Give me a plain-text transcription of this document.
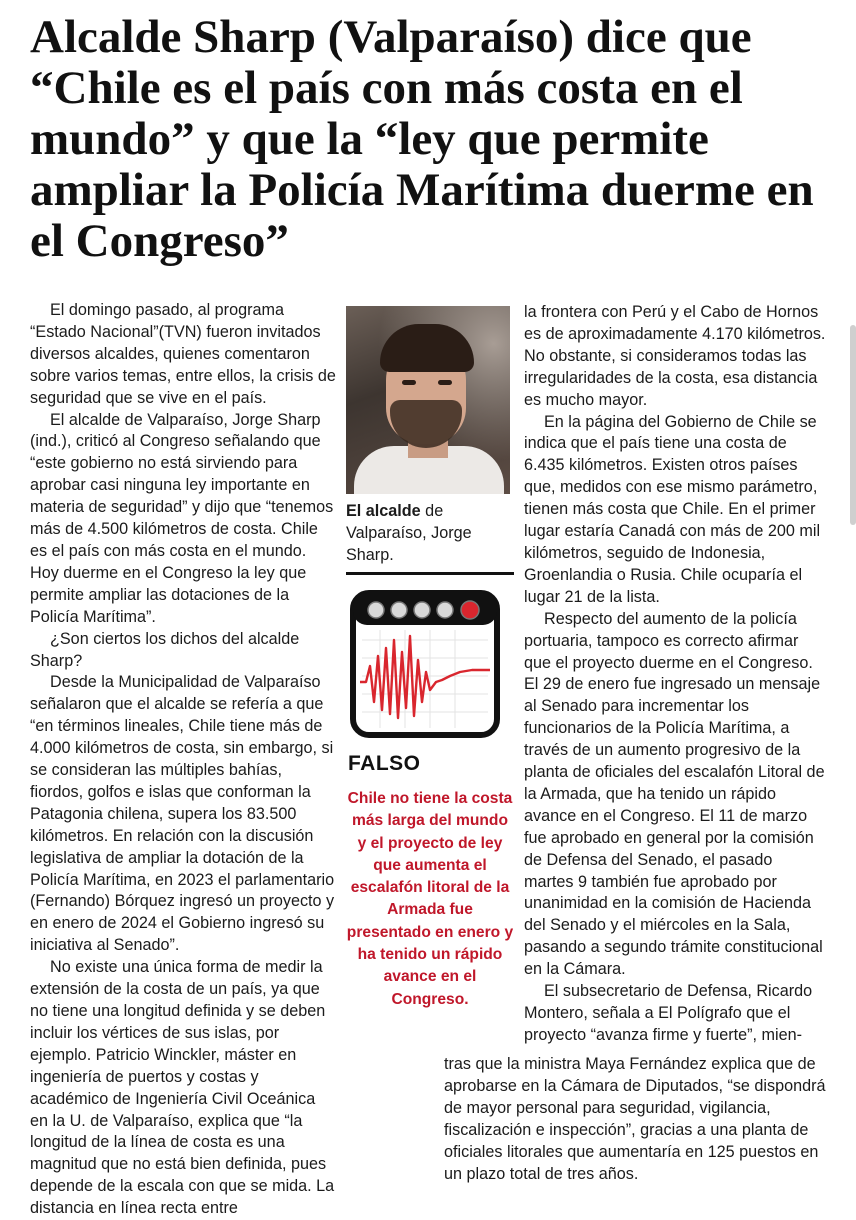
Alcalde Sharp (Valparaíso) dice que “Chile es el país con más costa en el mundo” y que la “ley que permite ampliar la Policía Marítima duerme en el Congreso”

El domingo pasado, al programa “Estado Nacional”(TVN) fueron invitados diversos alcaldes, quienes comentaron sobre varios temas, entre ellos, la crisis de seguridad que se vive en el país.

El alcalde de Valparaíso, Jorge Sharp (ind.), criticó al Congreso señalando que “este gobierno no está sirviendo para aprobar casi ninguna ley importante en materia de seguridad” y dijo que “tenemos más de 4.500 kilómetros de costa. Chile es el país con más costa en el mundo. Hoy duerme en el Congreso la ley que permite ampliar las dotaciones de la Policía Marítima”.

¿Son ciertos los dichos del alcalde Sharp?

Desde la Municipalidad de Valparaíso señalaron que el alcalde se refería a que “en términos lineales, Chile tiene más de 4.000 kilómetros de costa, sin embargo, si se consideran las múltiples bahías, fiordos, golfos e islas que conforman la Patagonia chilena, supera los 83.500 kilómetros. En relación con la discusión legislativa de ampliar la dotación de la Policía Marítima, en 2023 el parlamentario (Fernando) Bórquez ingresó un proyecto y en enero de 2024 el Gobierno ingresó su iniciativa al Senado”.

No existe una única forma de medir la extensión de la costa de un país, ya que no tiene una longitud definida y se deben incluir los vértices de sus islas, por ejemplo. Patricio Winckler, máster en ingeniería de puertos y costas y académico de Ingeniería Civil Oceánica en la U. de Valparaíso, explica que “la longitud de la línea de costa es una magnitud que no está bien definida, pues depende de la escala con que se mida. La distancia en línea recta entre

El alcalde de Valparaíso, Jorge Sharp.

FALSO

Chile no tiene la costa más larga del mundo y el proyecto de ley que aumenta el escalafón litoral de la Armada fue presentado en enero y ha tenido un rápido avance en el Congreso.

la frontera con Perú y el Cabo de Hornos es de aproximadamente 4.170 kilómetros. No obstante, si consideramos todas las irregularidades de la costa, esa distancia es mucho mayor.

En la página del Gobierno de Chile se indica que el país tiene una costa de 6.435 kilómetros. Existen otros países que, medidos con ese mismo parámetro, tienen más costa que Chile. En el primer lugar estaría Canadá con más de 200 mil kilómetros, seguido de Indonesia, Groenlandia o Rusia. Chile ocuparía el lugar 21 de la lista.

Respecto del aumento de la policía portuaria, tampoco es correcto afirmar que el proyecto duerme en el Congreso. El 29 de enero fue ingresado un mensaje al Senado para incrementar los funcionarios de la Policía Marítima, a través de un aumento progresivo de la planta de oficiales del escalafón Litoral de la Armada, que ha tenido un rápido avance en el Congreso. El 11 de marzo fue aprobado en general por la comisión de Defensa del Senado, el pasado martes 9 también fue aprobado por unanimidad en la comisión de Hacienda del Senado y el miércoles en la Sala, pasando a segundo trámite constitucional en la Cámara.

El subsecretario de Defensa, Ricardo Montero, señala a El Polígrafo que el proyecto “avanza firme y fuerte”, mien-

tras que la ministra Maya Fernández explica que de aprobarse en la Cámara de Diputados, “se dispondrá de mayor personal para seguridad, vigilancia, fiscalización e inspección”, gracias a una planta de oficiales litorales que aumentaría en 125 puestos en un plazo total de tres años.
